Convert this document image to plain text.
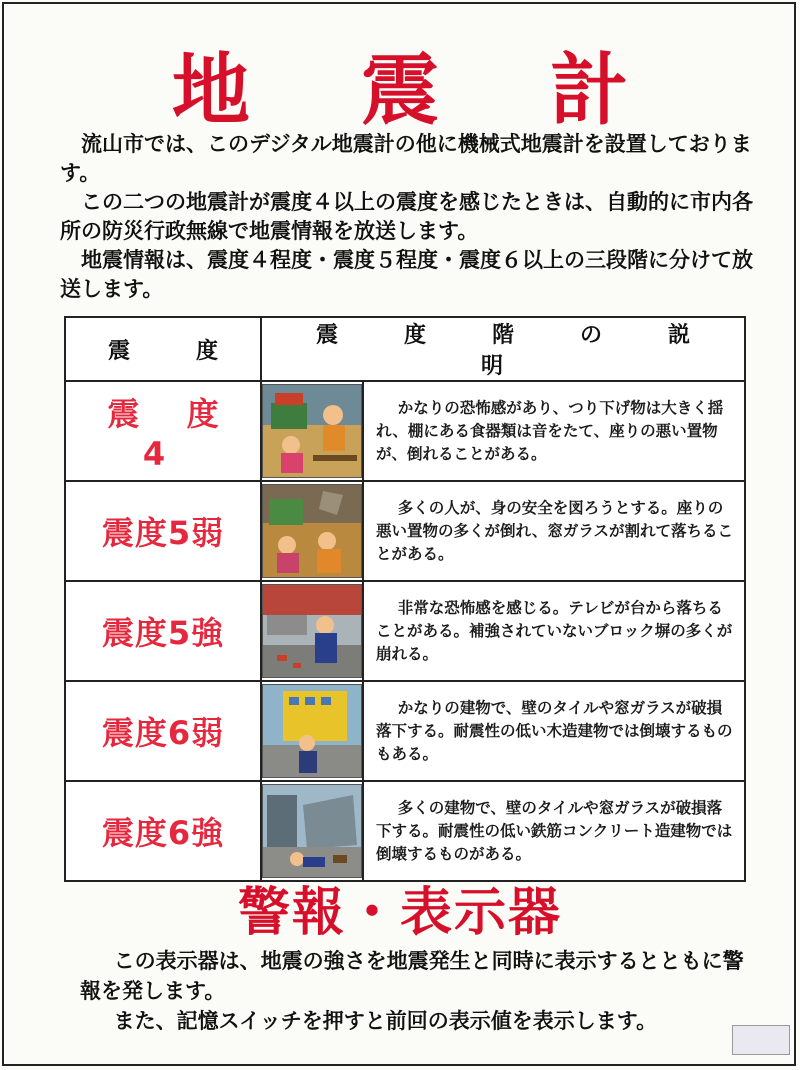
地 震 計

流山市では、このデジタル地震計の他に機械式地震計を設置しております。

この二つの地震計が震度４以上の震度を感じたときは、自動的に市内各所の防災行政無線で地震情報を放送します。

地震情報は、震度４程度・震度５程度・震度６以上の三段階に分けて放送します。

震　度	震　度　階　の　説　明	
震 度 4		かなりの恐怖感があり、つり下げ物は大きく揺れ、棚にある食器類は音をたて、座りの悪い置物が、倒れることがある。

震度5弱		多くの人が、身の安全を図ろうとする。座りの悪い置物の多くが倒れ、窓ガラスが割れて落ちることがある。

震度5強		非常な恐怖感を感じる。テレビが台から落ちることがある。補強されていないブロック塀の多くが崩れる。

震度6弱		かなりの建物で、壁のタイルや窓ガラスが破損落下する。耐震性の低い木造建物では倒壊するものもある。

震度6強		多くの建物で、壁のタイルや窓ガラスが破損落下する。耐震性の低い鉄筋コンクリート造建物では倒壊するものがある。
警報・表示器

この表示器は、地震の強さを地震発生と同時に表示するとともに警報を発します。

また、記憶スイッチを押すと前回の表示値を表示します。
